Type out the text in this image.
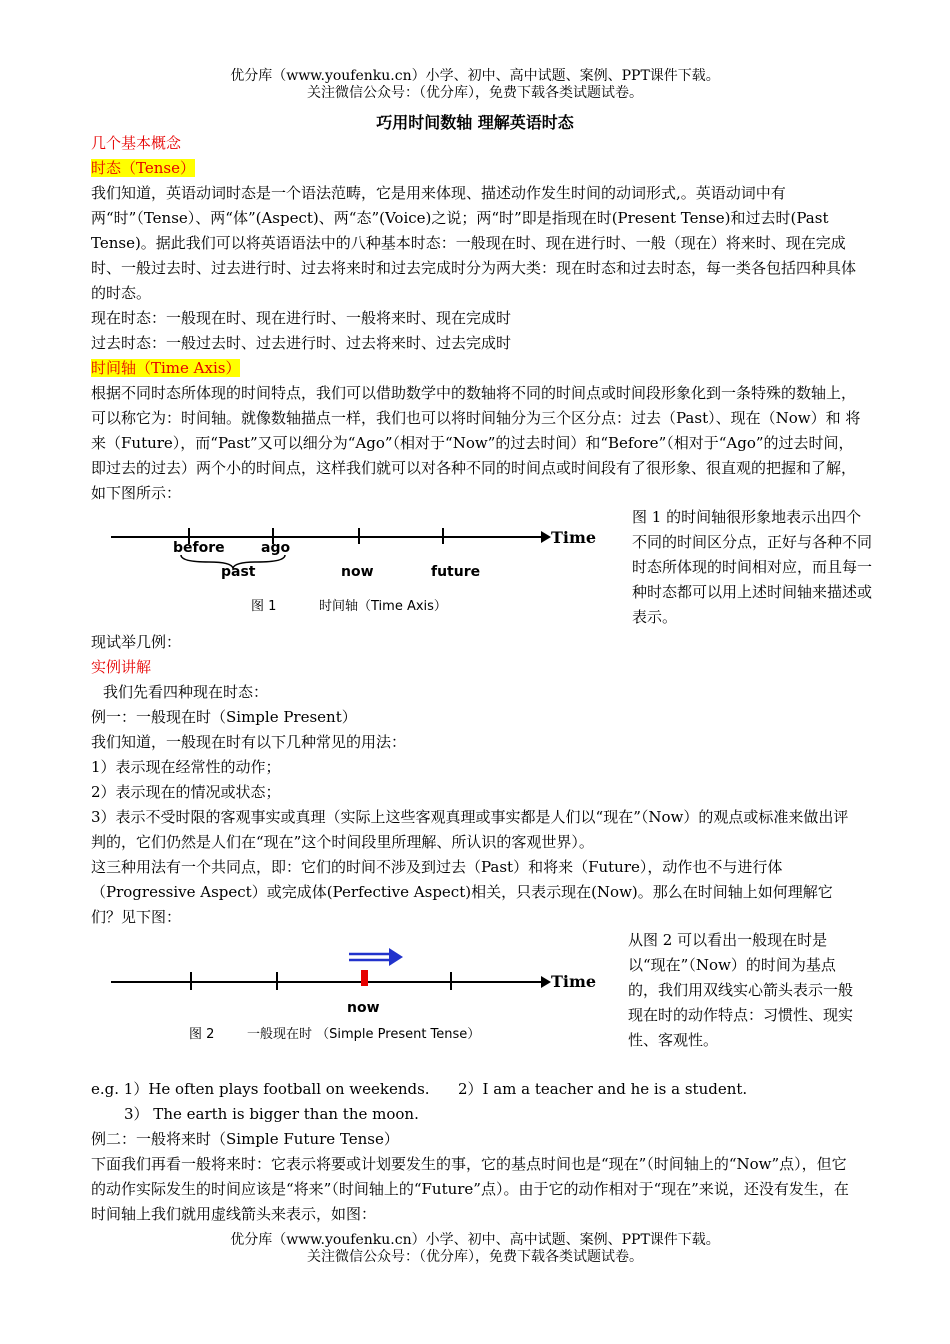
优分库（www.youfenku.cn）小学、初中、高中试题、案例、PPT课件下载。
关注微信公众号：（优分库），免费下载各类试题试卷。
巧用时间数轴 理解英语时态
几个基本概念
时态（Tense）
我们知道，英语动词时态是一个语法范畴，它是用来体现、描述动作发生时间的动词形式,。英语动词中有两“时”（Tense）、两“体”(Aspect)、两“态”(Voice)之说；两“时”即是指现在时(Present Tense)和过去时(Past Tense)。据此我们可以将英语语法中的八种基本时态：一般现在时、现在进行时、一般（现在）将来时、现在完成时、一般过去时、过去进行时、过去将来时和过去完成时分为两大类：现在时态和过去时态，每一类各包括四种具体的时态。
现在时态：一般现在时、现在进行时、一般将来时、现在完成时
过去时态：一般过去时、过去进行时、过去将来时、过去完成时
时间轴（Time Axis）
根据不同时态所体现的时间特点，我们可以借助数学中的数轴将不同的时间点或时间段形象化到一条特殊的数轴上，可以称它为：时间轴。就像数轴描点一样，我们也可以将时间轴分为三个区分点：过去（Past）、现在（Now）和 将来（Future），而“Past”又可以细分为“Ago”（相对于“Now”的过去时间）和“Before”（相对于“Ago”的过去时间，即过去的过去）两个小的时间点，这样我们就可以对各种不同的时间点或时间段有了很形象、很直观的把握和了解，如下图所示：
Time
before	ago
past	now	future
图 1	时间轴（Time Axis）
图 1 的时间轴很形象地表示出四个不同的时间区分点，正好与各种不同时态所体现的时间相对应，而且每一种时态都可以用上述时间轴来描述或表示。
现试举几例：
实例讲解
我们先看四种现在时态：
例一：一般现在时（Simple Present）
我们知道，一般现在时有以下几种常见的用法：
1）表示现在经常性的动作；
2）表示现在的情况或状态；
3）表示不受时限的客观事实或真理（实际上这些客观真理或事实都是人们以“现在”（Now）的观点或标准来做出评判的，它们仍然是人们在“现在”这个时间段里所理解、所认识的客观世界）。
这三种用法有一个共同点，即：它们的时间不涉及到过去（Past）和将来（Future），动作也不与进行体（Progressive Aspect）或完成体(Perfective Aspect)相关，只表示现在(Now)。那么在时间轴上如何理解它们？见下图：
Time
now
图 2	一般现在时 （Simple Present Tense）
从图 2 可以看出一般现在时是以“现在”（Now）的时间为基点的，我们用双线实心箭头表示一般现在时的动作特点：习惯性、现实性、客观性。
e.g. 1）He often plays football on weekends.	2）I am a teacher and he is a student.
3） The earth is bigger than the moon.
例二：一般将来时（Simple Future Tense）
下面我们再看一般将来时：它表示将要或计划要发生的事，它的基点时间也是“现在”（时间轴上的“Now”点），但它的动作实际发生的时间应该是“将来”（时间轴上的“Future”点）。由于它的动作相对于“现在”来说，还没有发生，在时间轴上我们就用虚线箭头来表示，如图：
优分库（www.youfenku.cn）小学、初中、高中试题、案例、PPT课件下载。
关注微信公众号：（优分库），免费下载各类试题试卷。
